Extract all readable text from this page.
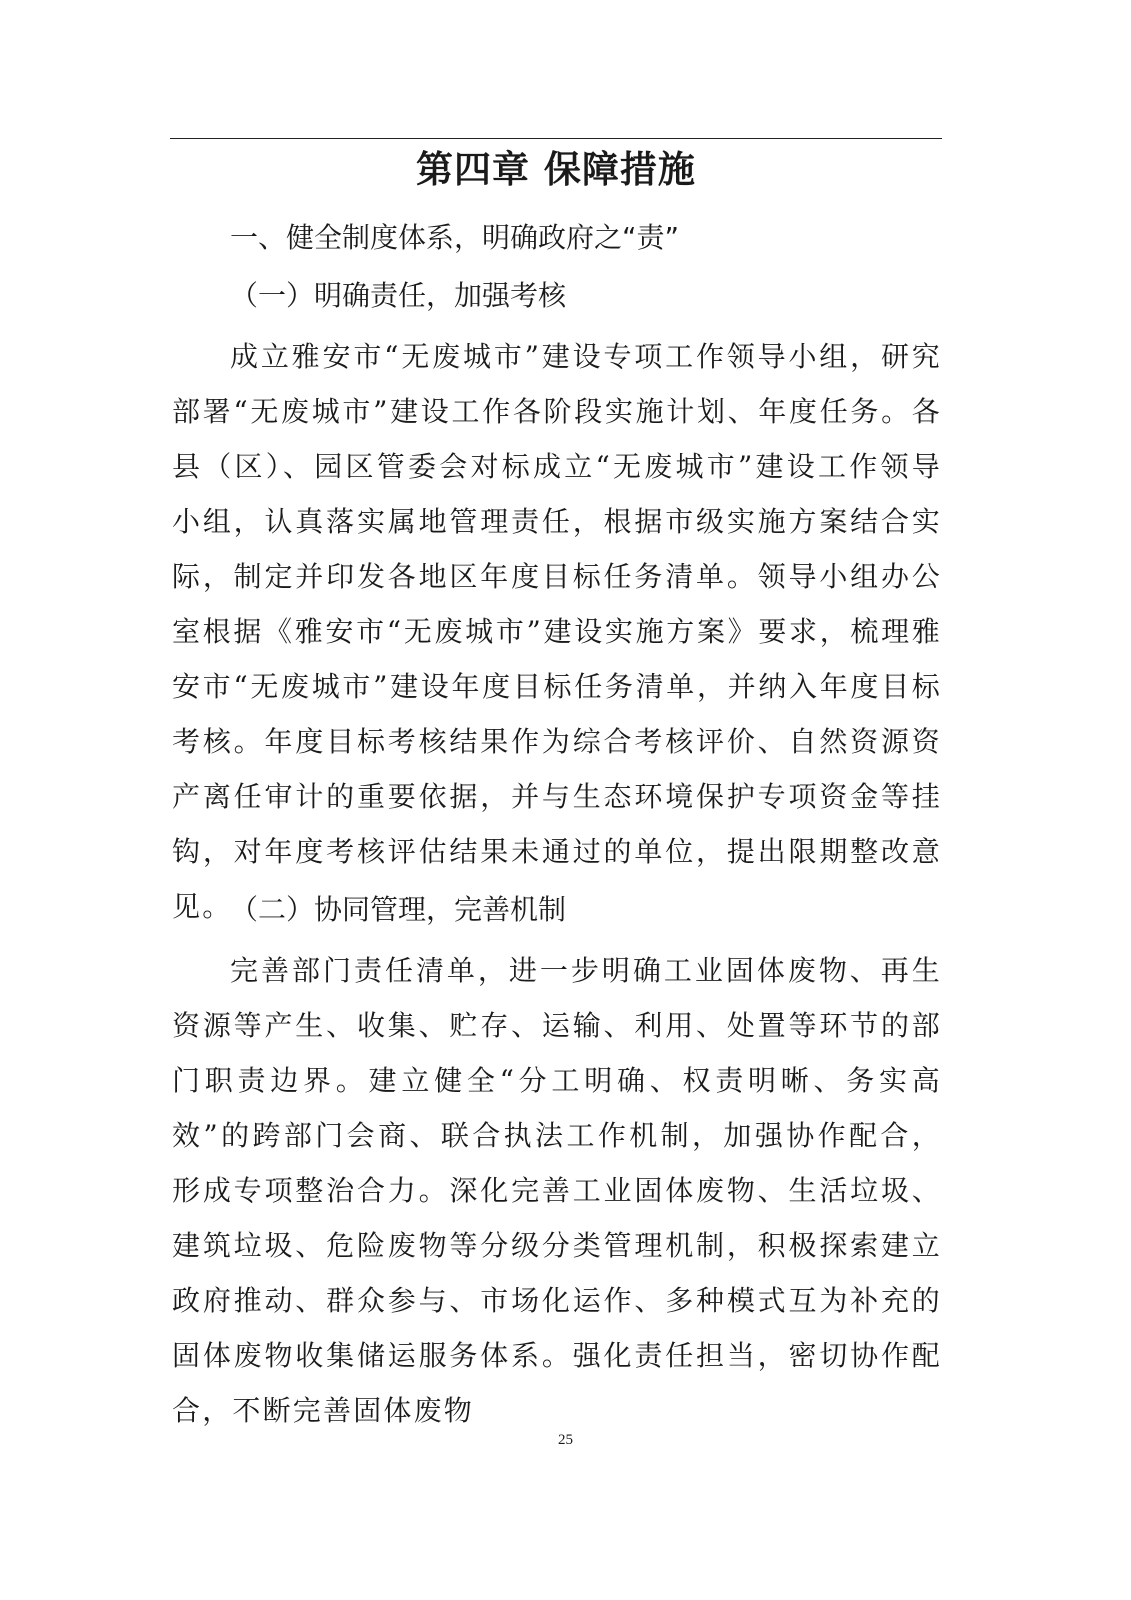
第四章 保障措施
一、健全制度体系，明确政府之“责”
（一）明确责任，加强考核
成立雅安市“无废城市”建设专项工作领导小组，研究部署“无废城市”建设工作各阶段实施计划、年度任务。各县（区）、园区管委会对标成立“无废城市”建设工作领导小组，认真落实属地管理责任，根据市级实施方案结合实际，制定并印发各地区年度目标任务清单。领导小组办公室根据《雅安市“无废城市”建设实施方案》要求，梳理雅安市“无废城市”建设年度目标任务清单，并纳入年度目标考核。年度目标考核结果作为综合考核评价、自然资源资产离任审计的重要依据，并与生态环境保护专项资金等挂钩，对年度考核评估结果未通过的单位，提出限期整改意见。
（二）协同管理，完善机制
完善部门责任清单，进一步明确工业固体废物、再生资源等产生、收集、贮存、运输、利用、处置等环节的部门职责边界。建立健全“分工明确、权责明晰、务实高效”的跨部门会商、联合执法工作机制，加强协作配合，形成专项整治合力。深化完善工业固体废物、生活垃圾、建筑垃圾、危险废物等分级分类管理机制，积极探索建立政府推动、群众参与、市场化运作、多种模式互为补充的固体废物收集储运服务体系。强化责任担当，密切协作配合，不断完善固体废物
25
